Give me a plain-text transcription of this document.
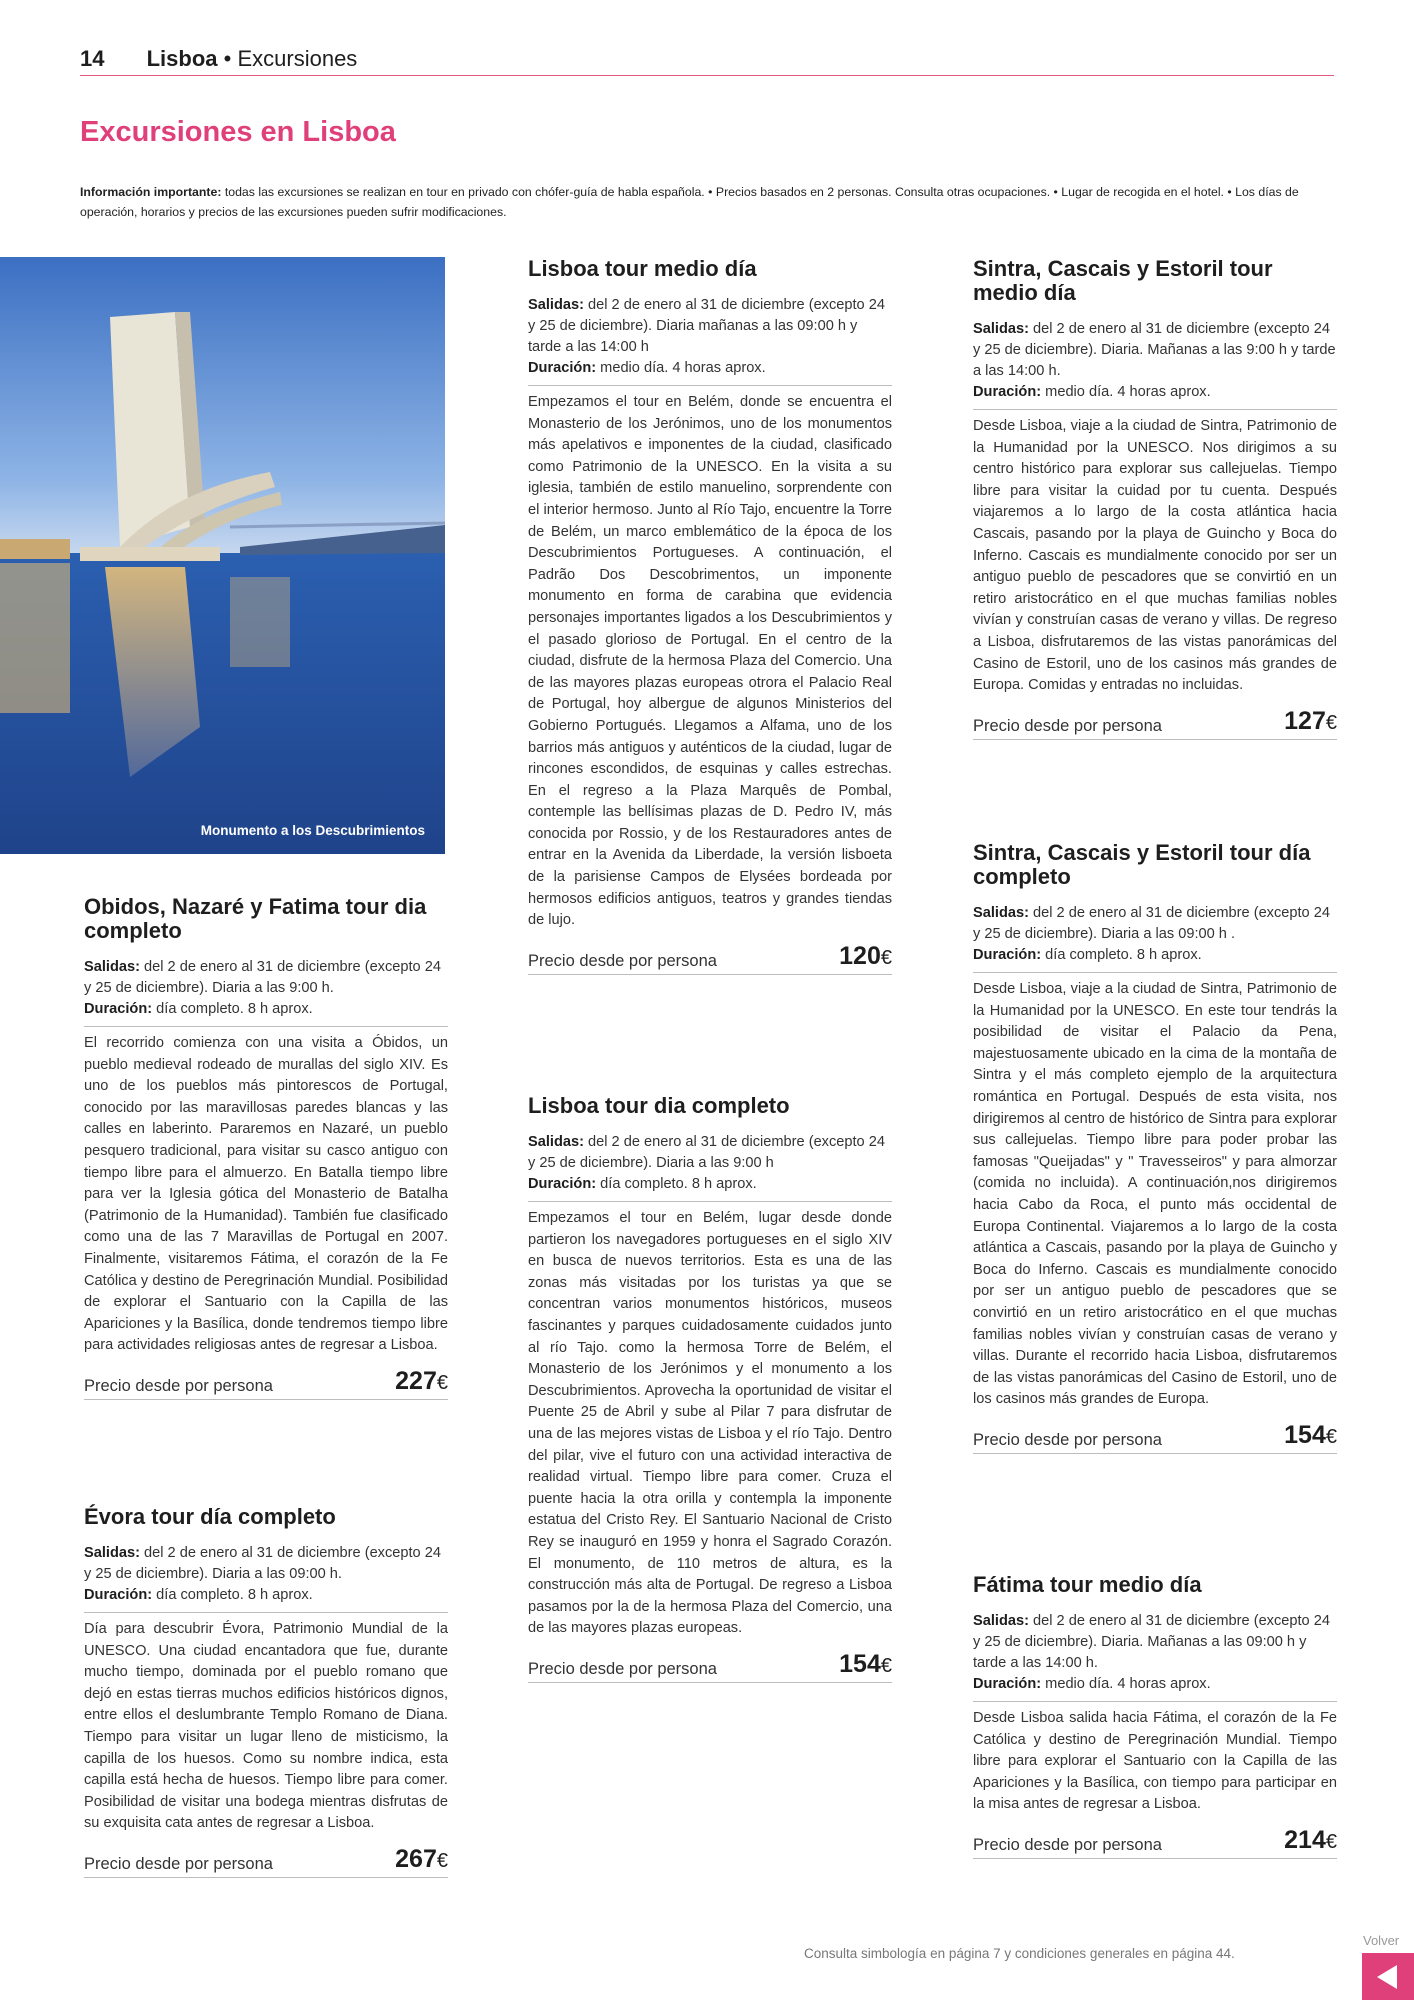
14 Lisboa • Excursiones
Excursiones en Lisboa

Información importante: todas las excursiones se realizan en tour en privado con chófer-guía de habla española. • Precios basados en 2 personas. Consulta otras ocupaciones. • Lugar de recogida en el hotel. • Los días de operación, horarios y precios de las excursiones pueden sufrir modificaciones.

Monumento a los Descubrimientos
Obidos, Nazaré y Fatima tour dia completo
Salidas: del 2 de enero al 31 de diciembre (excepto 24 y 25 de diciembre). Diaria a las 9:00 h.
Duración: día completo. 8 h aprox.

El recorrido comienza con una visita a Óbidos, un pueblo medieval rodeado de murallas del siglo XIV. Es uno de los pueblos más pintorescos de Portugal, conocido por las maravillosas paredes blancas y las calles en laberinto. Pararemos en Nazaré, un pueblo pesquero tradicional, para visitar su casco antiguo con tiempo libre para el almuerzo. En Batalla tiempo libre para ver la Iglesia gótica del Monasterio de Batalha (Patrimonio de la Humanidad). También fue clasificado como una de las 7 Maravillas de Portugal en 2007. Finalmente, visitaremos Fátima, el corazón de la Fe Católica y destino de Peregrinación Mundial. Posibilidad de explorar el Santuario con la Capilla de las Apariciones y la Basílica, donde tendremos tiempo libre para actividades religiosas antes de regresar a Lisboa.

Precio desde por persona	227€
Évora tour día completo
Salidas: del 2 de enero al 31 de diciembre (excepto 24 y 25 de diciembre). Diaria a las 09:00 h.
Duración: día completo. 8 h aprox.

Día para descubrir Évora, Patrimonio Mundial de la UNESCO. Una ciudad encantadora que fue, durante mucho tiempo, dominada por el pueblo romano que dejó en estas tierras muchos edificios históricos dignos, entre ellos el deslumbrante Templo Romano de Diana. Tiempo para visitar un lugar lleno de misticismo, la capilla de los huesos. Como su nombre indica, esta capilla está hecha de huesos. Tiempo libre para comer. Posibilidad de visitar una bodega mientras disfrutas de su exquisita cata antes de regresar a Lisboa.

Precio desde por persona	267€
Lisboa tour medio día
Salidas: del 2 de enero al 31 de diciembre (excepto 24 y 25 de diciembre). Diaria mañanas a las 09:00 h y tarde a las 14:00 h
Duración: medio día. 4 horas aprox.

Empezamos el tour en Belém, donde se encuentra el Monasterio de los Jerónimos, uno de los monumentos más apelativos e imponentes de la ciudad, clasificado como Patrimonio de la UNESCO. En la visita a su iglesia, también de estilo manuelino, sorprendente con el interior hermoso. Junto al Río Tajo, encuentre la Torre de Belém, un marco emblemático de la época de los Descubrimientos Portugueses. A continuación, el Padrão Dos Descobrimentos, un imponente monumento en forma de carabina que evidencia personajes importantes ligados a los Descubrimientos y el pasado glorioso de Portugal. En el centro de la ciudad, disfrute de la hermosa Plaza del Comercio. Una de las mayores plazas europeas otrora el Palacio Real de Portugal, hoy albergue de algunos Ministerios del Gobierno Portugués. Llegamos a Alfama, uno de los barrios más antiguos y auténticos de la ciudad, lugar de rincones escondidos, de esquinas y calles estrechas. En el regreso a la Plaza Marquês de Pombal, contemple las bellísimas plazas de D. Pedro IV, más conocida por Rossio, y de los Restauradores antes de entrar en la Avenida da Liberdade, la versión lisboeta de la parisiense Campos de Elysées bordeada por hermosos edificios antiguos, teatros y grandes tiendas de lujo.

Precio desde por persona	120€
Lisboa tour dia completo
Salidas: del 2 de enero al 31 de diciembre (excepto 24 y 25 de diciembre). Diaria a las 9:00 h
Duración: día completo. 8 h aprox.

Empezamos el tour en Belém, lugar desde donde partieron los navegadores portugueses en el siglo XIV en busca de nuevos territorios. Esta es una de las zonas más visitadas por los turistas ya que se concentran varios monumentos históricos, museos fascinantes y parques cuidadosamente cuidados junto al río Tajo. como la hermosa Torre de Belém, el Monasterio de los Jerónimos y el monumento a los Descubrimientos. Aprovecha la oportunidad de visitar el Puente 25 de Abril y sube al Pilar 7 para disfrutar de una de las mejores vistas de Lisboa y el río Tajo. Dentro del pilar, vive el futuro con una actividad interactiva de realidad virtual. Tiempo libre para comer. Cruza el puente hacia la otra orilla y contempla la imponente estatua del Cristo Rey. El Santuario Nacional de Cristo Rey se inauguró en 1959 y honra el Sagrado Corazón. El monumento, de 110 metros de altura, es la construcción más alta de Portugal. De regreso a Lisboa pasamos por la de la hermosa Plaza del Comercio, una de las mayores plazas europeas.

Precio desde por persona	154€
Sintra, Cascais y Estoril tour medio día
Salidas: del 2 de enero al 31 de diciembre (excepto 24 y 25 de diciembre). Diaria. Mañanas a las 9:00 h y tarde a las 14:00 h.
Duración: medio día. 4 horas aprox.

Desde Lisboa, viaje a la ciudad de Sintra, Patrimonio de la Humanidad por la UNESCO. Nos dirigimos a su centro histórico para explorar sus callejuelas. Tiempo libre para visitar la cuidad por tu cuenta. Después viajaremos a lo largo de la costa atlántica hacia Cascais, pasando por la playa de Guincho y Boca do Inferno. Cascais es mundialmente conocido por ser un antiguo pueblo de pescadores que se convirtió en un retiro aristocrático en el que muchas familias nobles vivían y construían casas de verano y villas. De regreso a Lisboa, disfrutaremos de las vistas panorámicas del Casino de Estoril, uno de los casinos más grandes de Europa. Comidas y entradas no incluidas.

Precio desde por persona	127€
Sintra, Cascais y Estoril tour día completo
Salidas: del 2 de enero al 31 de diciembre (excepto 24 y 25 de diciembre). Diaria a las 09:00 h .
Duración: día completo. 8 h aprox.

Desde Lisboa, viaje a la ciudad de Sintra, Patrimonio de la Humanidad por la UNESCO. En este tour tendrás la posibilidad de visitar el Palacio da Pena, majestuosamente ubicado en la cima de la montaña de Sintra y el más completo ejemplo de la arquitectura romántica en Portugal. Después de esta visita, nos dirigiremos al centro de histórico de Sintra para explorar sus callejuelas. Tiempo libre para poder probar las famosas "Queijadas" y " Travesseiros" y para almorzar (comida no incluida). A continuación,nos dirigiremos hacia Cabo da Roca, el punto más occidental de Europa Continental. Viajaremos a lo largo de la costa atlántica a Cascais, pasando por la playa de Guincho y Boca do Inferno. Cascais es mundialmente conocido por ser un antiguo pueblo de pescadores que se convirtió en un retiro aristocrático en el que muchas familias nobles vivían y construían casas de verano y villas. Durante el recorrido hacia Lisboa, disfrutaremos de las vistas panorámicas del Casino de Estoril, uno de los casinos más grandes de Europa.

Precio desde por persona	154€
Fátima tour medio día
Salidas: del 2 de enero al 31 de diciembre (excepto 24 y 25 de diciembre). Diaria. Mañanas a las 09:00 h y tarde a las 14:00 h.
Duración: medio día. 4 horas aprox.

Desde Lisboa salida hacia Fátima, el corazón de la Fe Católica y destino de Peregrinación Mundial. Tiempo libre para explorar el Santuario con la Capilla de las Apariciones y la Basílica, con tiempo para participar en la misa antes de regresar a Lisboa.

Precio desde por persona	214€

Consulta simbología en página 7 y condiciones generales en página 44.

Volver
